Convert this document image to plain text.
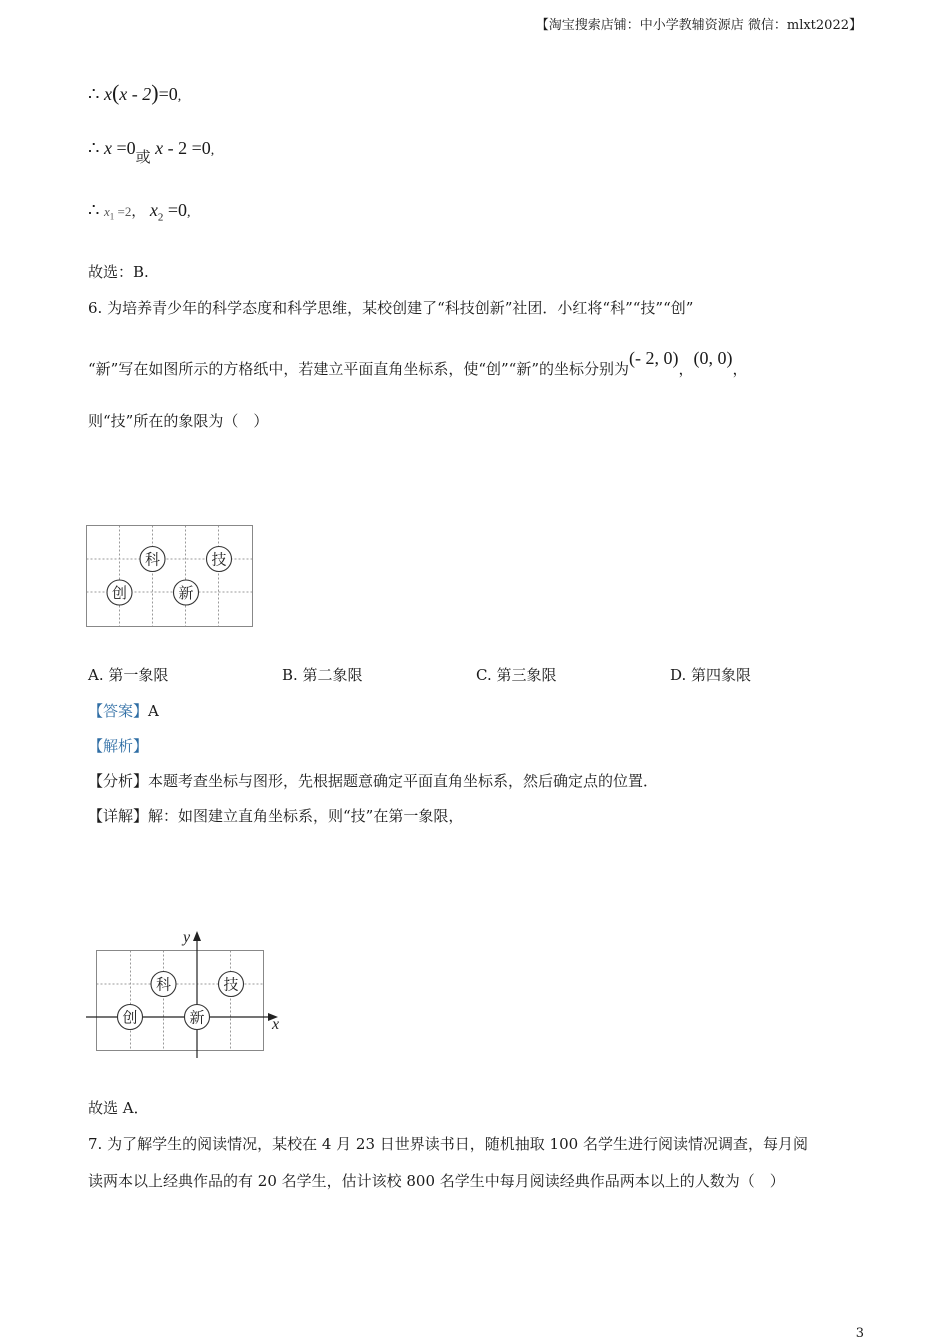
【淘宝搜索店铺：中小学教辅资源店 微信：mlxt2022】
∴ x(x - 2)=0,
∴ $x =0_或$ x - 2 =0,
∴ $x_1 =2$， $x_2 =0$,
故选：B.
6. 为培养青少年的科学态度和科学思维，某校创建了“科技创新”社团．小红将“科”“技”“创”
“新”写在如图所示的方格纸中，若建立平面直角坐标系，使“创”“新”的坐标分别为(- 2, 0)，(0, 0)，
则“技”所在的象限为（　）
科	技
创	新
A. 第一象限	B. 第二象限	C. 第三象限	D. 第四象限
【答案】A
【解析】
【分析】本题考查坐标与图形，先根据题意确定平面直角坐标系，然后确定点的位置．
【详解】解：如图建立直角坐标系，则“技”在第一象限，
x
y
科	技
创	新
故选 A．
7. 为了解学生的阅读情况，某校在 4 月 23 日世界读书日，随机抽取 100 名学生进行阅读情况调查，每月阅
读两本以上经典作品的有 20 名学生，估计该校 800 名学生中每月阅读经典作品两本以上的人数为（　）
3
